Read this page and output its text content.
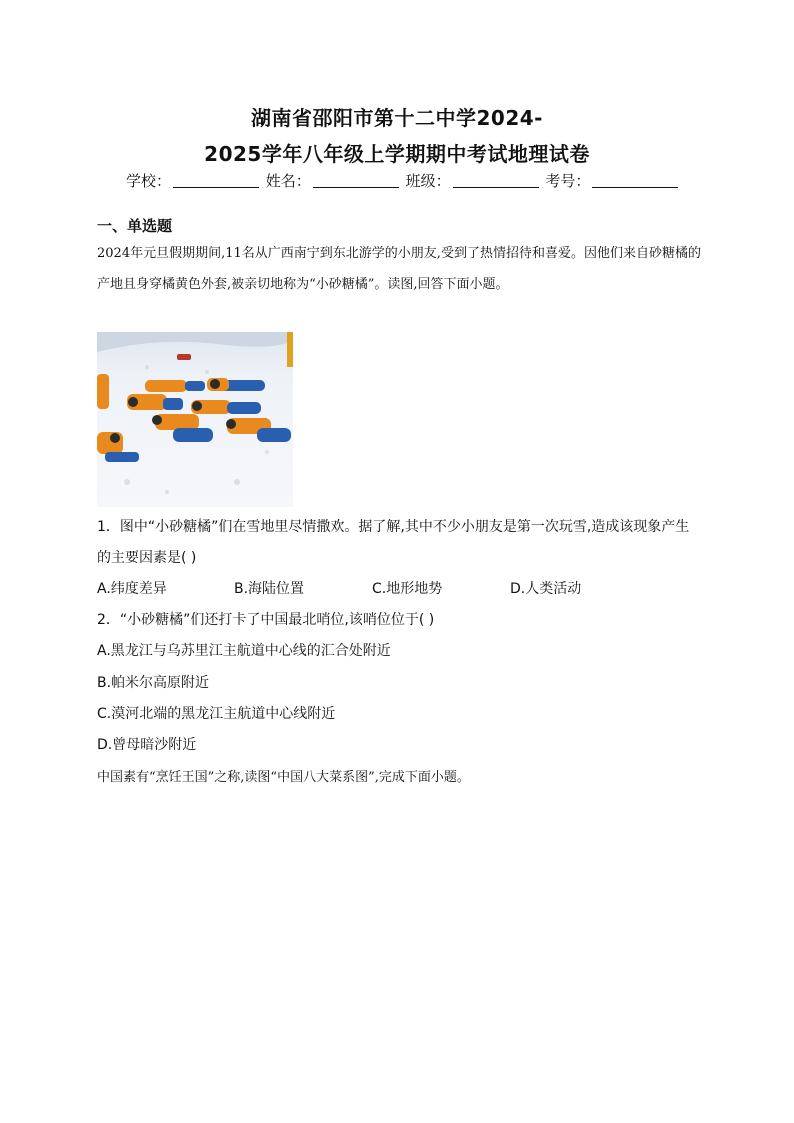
湖南省邵阳市第十二中学2024-
2025学年八年级上学期期中考试地理试卷
学校：	姓名：	班级：	考号：
一、单选题
2024年元旦假期期间,11名从广西南宁到东北游学的小朋友,受到了热情招待和喜爱。因他们来自砂糖橘的产地且身穿橘黄色外套,被亲切地称为“小砂糖橘”。读图,回答下面小题。
1．图中“小砂糖橘”们在雪地里尽情撒欢。据了解,其中不少小朋友是第一次玩雪,造成该现象产生的主要因素是( )
A.纬度差异	B.海陆位置	C.地形地势	D.人类活动
2．“小砂糖橘”们还打卡了中国最北哨位,该哨位位于( )
A.黑龙江与乌苏里江主航道中心线的汇合处附近
B.帕米尔高原附近
C.漠河北端的黑龙江主航道中心线附近
D.曾母暗沙附近
中国素有“烹饪王国”之称,读图“中国八大菜系图”,完成下面小题。
